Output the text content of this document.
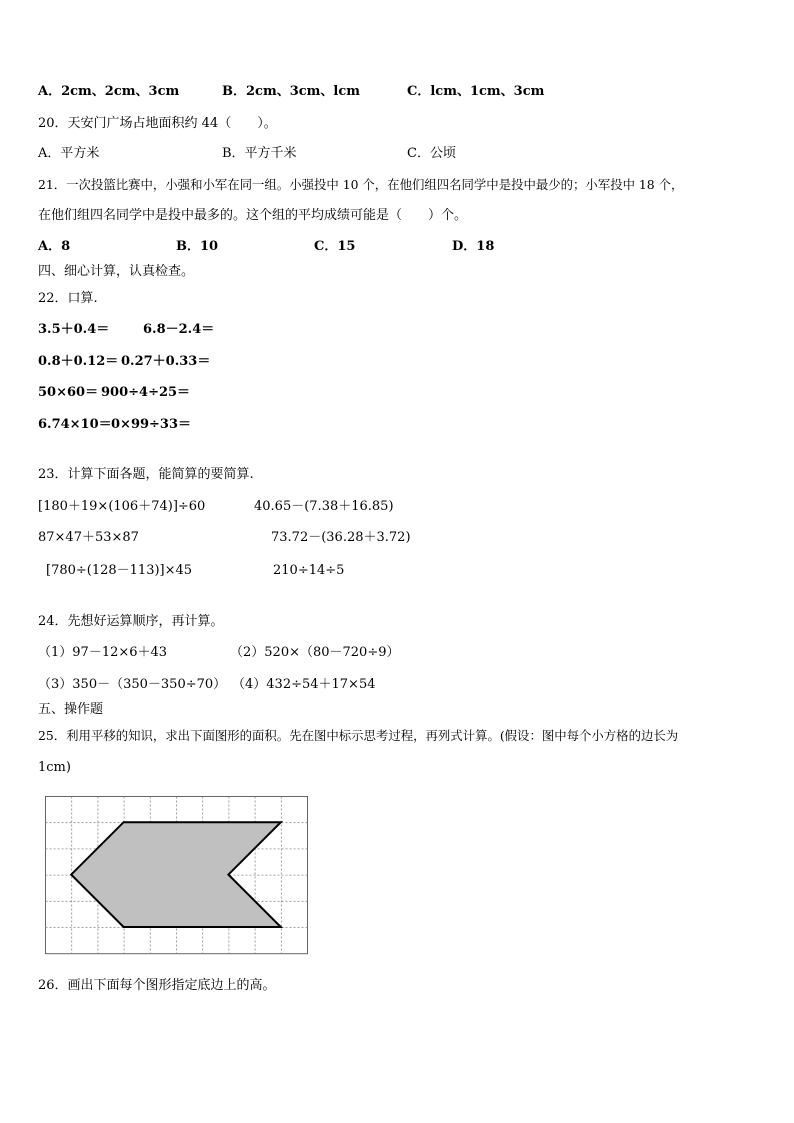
A．2cm、2cm、3cm	B．2cm、3cm、lcm	C．lcm、1cm、3cm
20．天安门广场占地面积约 44（　　）。
A．平方米	B．平方千米	C．公顷
21．一次投篮比赛中，小强和小军在同一组。小强投中 10 个，在他们组四名同学中是投中最少的；小军投中 18 个，
在他们组四名同学中是投中最多的。这个组的平均成绩可能是（　　）个。
A．8	B．10	C．15	D．18
四、细心计算，认真检查。
22．口算.
3.5＋0.4＝	6.8－2.4＝
0.8＋0.12＝ 0.27＋0.33＝
50×60＝ 900÷4÷25＝
6.74×10＝ 0×99÷33＝
23．计算下面各题，能简算的要简算.
[180＋19×(106＋74)]÷60	40.65－(7.38＋16.85)
87×47＋53×87	73.72－(36.28＋3.72)
[780÷(128－113)]×45	210÷14÷5
24．先想好运算顺序，再计算。
（1）97－12×6＋43	（2）520×（80－720÷9）
（3）350－（350－350÷70） （4）432÷54＋17×54
五、操作题
25．利用平移的知识，求出下面图形的面积。先在图中标示思考过程，再列式计算。(假设：图中每个小方格的边长为
1cm)
26．画出下面每个图形指定底边上的高。
